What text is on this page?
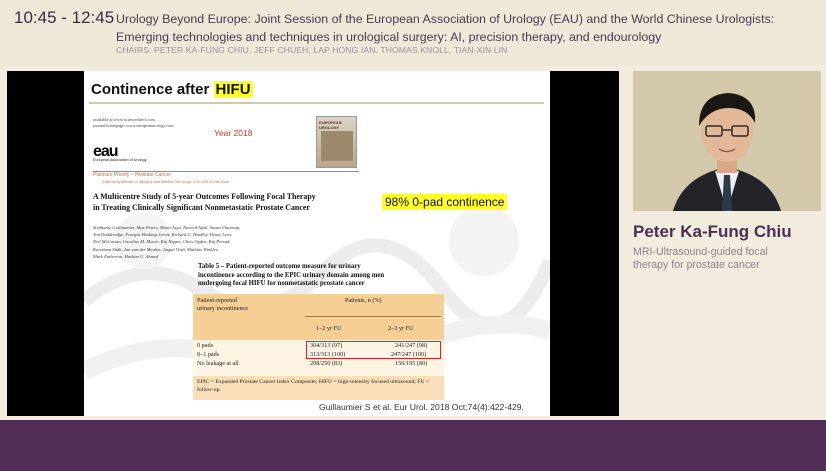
10:45 - 12:45 Urology Beyond Europe: Joint Session of the European Association of Urology (EAU) and the World Chinese Urologists:
Emerging technologies and techniques in urological surgery: AI, precision therapy, and endourology
CHAIRS: PETER KA-FUNG CHIU, JEFF CHUEH, LAP HONG IAN, THOMAS KNOLL, TIAN-XIN LIN
Continence after HIFU
available at www.sciencedirect.com
journal homepage: www.europeanurology.com
Year 2018
eau
European Association of Urology
EUROPEAN UROLOGY
Platinum Priority – Prostate Cancer
Editorial by Declan G. Murphy and Declan Tillo on pp. 433–435 of this issue
A Multicentre Study of 5-year Outcomes Following Focal Therapy
in Treating Clinically Significant Nonmetastatic Prostate Cancer	98% 0-pad continence
Stephanie Guillaumier, Max Peters, Manit Arya, Naveed Afzal, Susan Charman,
Tim Dudderidge, Feargus Hosking-Jervis, Richard G. Hindley, Henry Lewi,
Neil McCartan, Caroline M. Moore, Raj Nigam, Chris Ogden, Raj Persad,
Karishma Shah, Jan van der Meulen, Jaspal Virdi, Mathias Winkler,
Mark Emberton, Hashim U. Ahmed
Table 5 – Patient-reported outcome measure for urinary
incontinence according to the EPIC urinary domain among men
undergoing focal HIFU for nonmetastatic prostate cancer
Patient-reported
urinary incontinence
Patients, n (%)
1–2 yr FU	2–3 yr FU
0 pads	304/313 (97)	241/247 (98)
0–1 pads	313/313 (100)	247/247 (100)
No leakage at all	208/250 (83)	156/195 (80)
EPIC = Expanded Prostate Cancer Index Composite; HIFU = high-intensity focused ultrasound; FU = follow-up.
Guillaumier S et al. Eur Urol. 2018 Oct;74(4):422-429.
Peter Ka-Fung Chiu
MRI-Ultrasound-guided focal
therapy for prostate cancer
